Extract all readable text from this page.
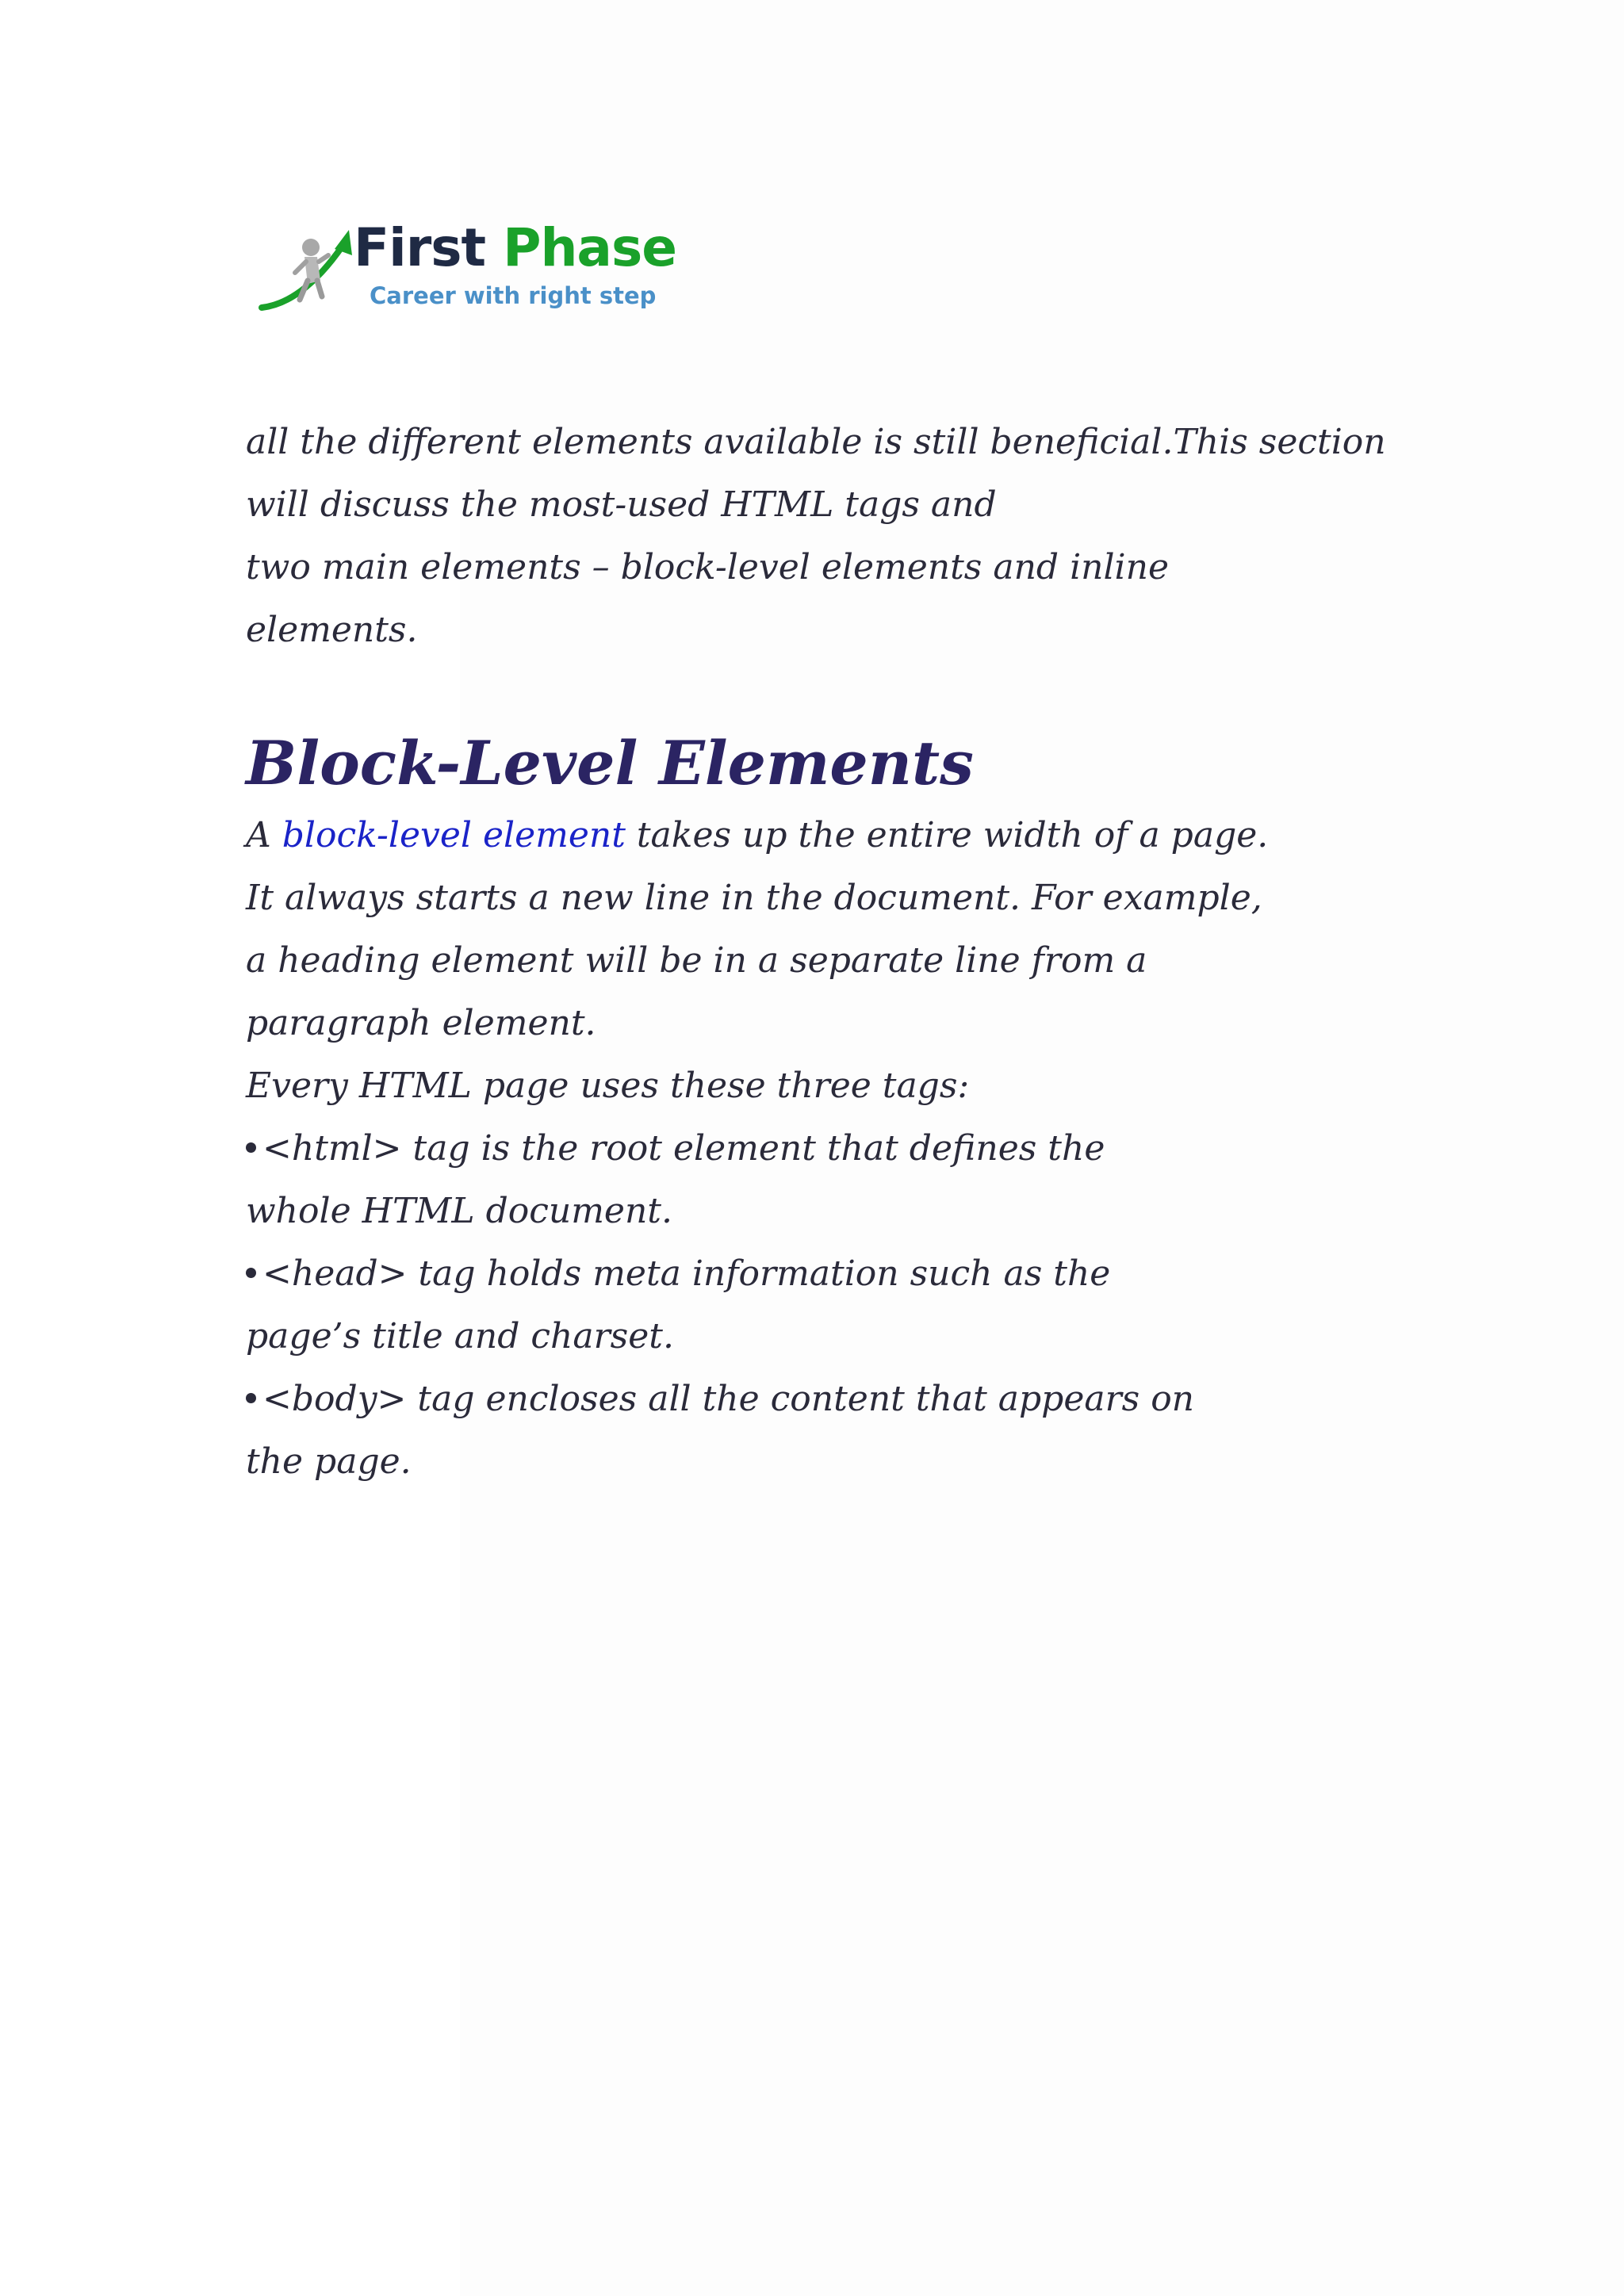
First Phase
Career with right step
all the different elements available is still beneficial.This section
will discuss the most-used HTML tags and
two main elements – block-level elements and inline
elements.
Block-Level Elements
A block-level element takes up the entire width of a page.
It always starts a new line in the document. For example,
a heading element will be in a separate line from a
paragraph element.
Every HTML page uses these three tags:
<html> tag is the root element that defines the
whole HTML document.
<head> tag holds meta information such as the
page’s title and charset.
<body> tag encloses all the content that appears on
the page.
